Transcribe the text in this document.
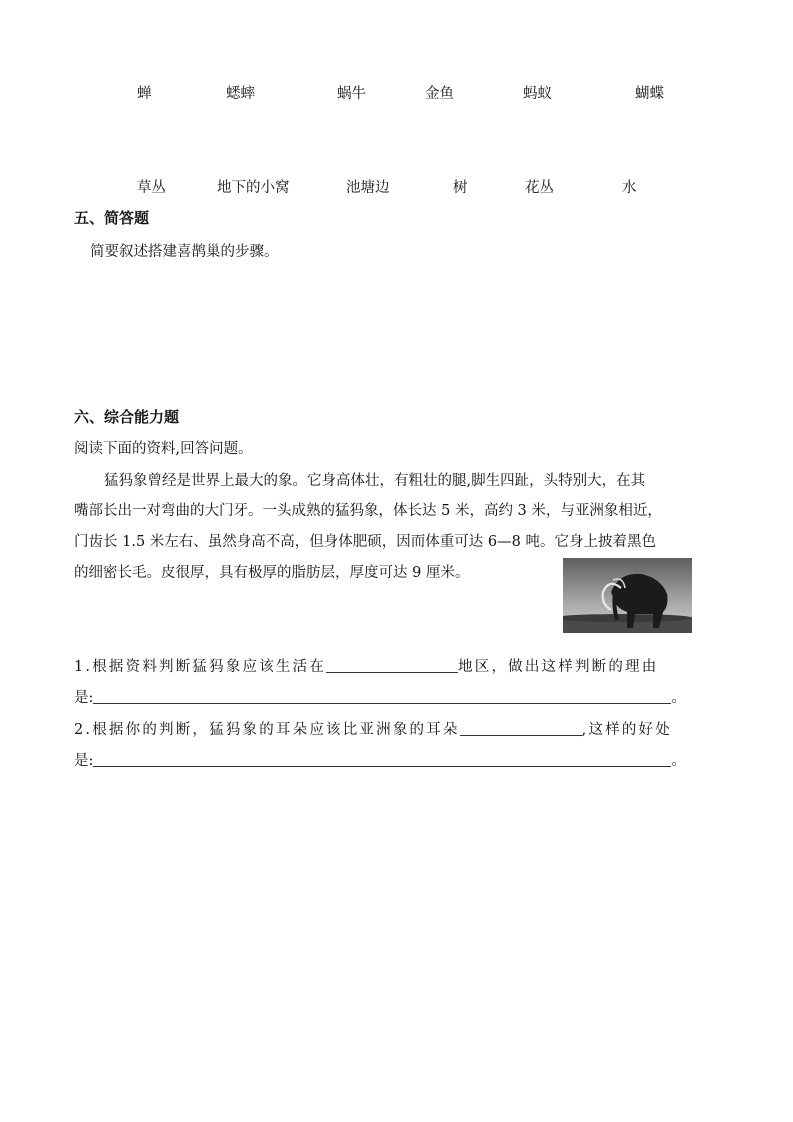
蝉	蟋蟀	蜗牛	金鱼	蚂蚁	蝴蝶
草丛	地下的小窝	池塘边	树	花丛	水
五、简答题
简要叙述搭建喜鹊巢的步骤。
六、综合能力题
阅读下面的资料,回答问题。
猛犸象曾经是世界上最大的象。它身高体壮，有粗壮的腿,脚生四趾，头特别大，在其
嘴部长出一对弯曲的大门牙。一头成熟的猛犸象，体长达 5 米，高约 3 米，与亚洲象相近，
门齿长 1.5 米左右、虽然身高不高，但身体肥硕，因而体重可达 6—8 吨。它身上披着黑色
的细密长毛。皮很厚，具有极厚的脂肪层，厚度可达 9 厘米。
1.根据资料判断猛犸象应该生活在	地区，做出这样判断的理由
是:	。
2.根据你的判断，猛犸象的耳朵应该比亚洲象的耳朵	,这样的好处
是:	。
